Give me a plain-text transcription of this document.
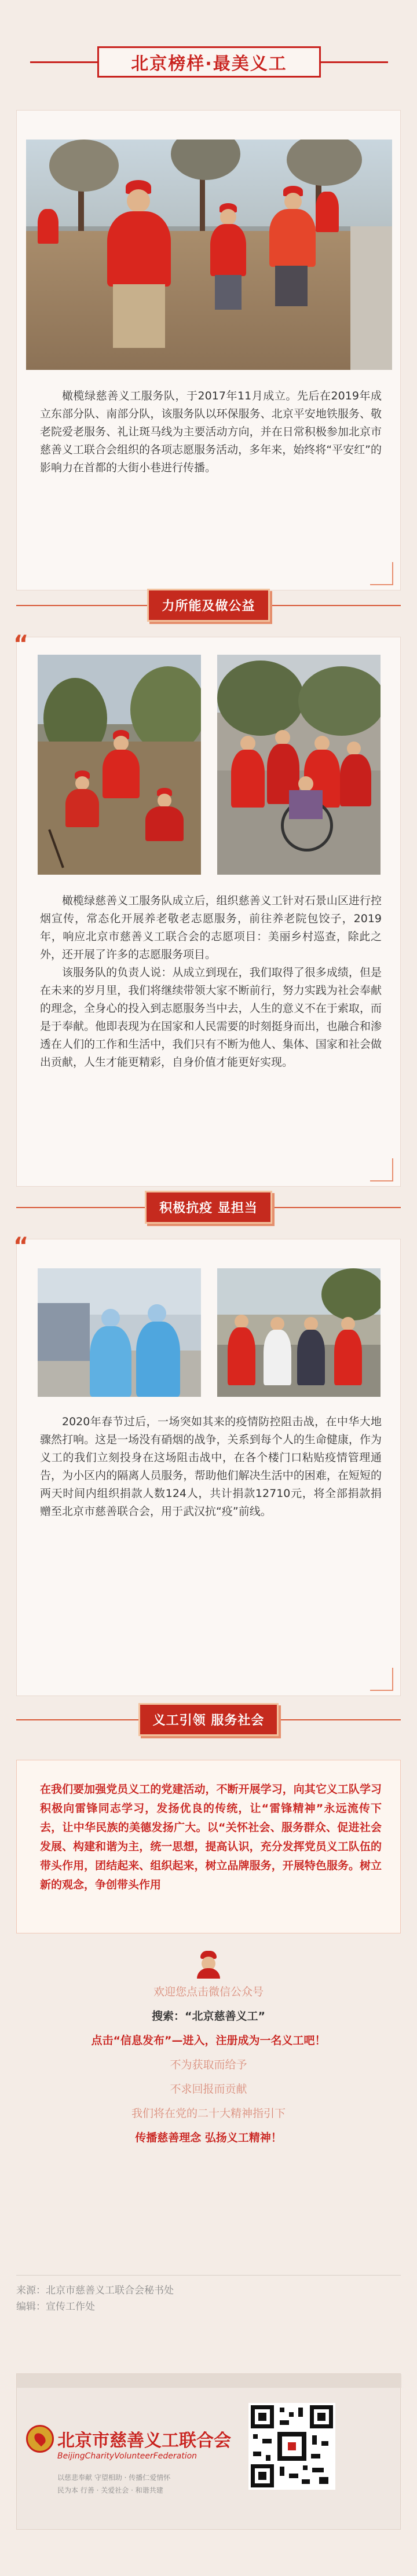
北京榜样·最美义工

橄榄绿慈善义工服务队，于2017年11月成立。先后在2019年成立东部分队、南部分队，该服务队以环保服务、北京平安地铁服务、敬老院爱老服务、礼让斑马线为主要活动方向，并在日常积极参加北京市慈善义工联合会组织的各项志愿服务活动，多年来，始终将“平安红”的影响力在首都的大街小巷进行传播。

力所能及做公益
“

橄榄绿慈善义工服务队成立后，组织慈善义工针对石景山区进行控烟宣传，常态化开展养老敬老志愿服务，前往养老院包饺子，2019年，响应北京市慈善义工联合会的志愿项目：美丽乡村巡查，除此之外，还开展了许多的志愿服务项目。

该服务队的负责人说：从成立到现在，我们取得了很多成绩，但是在未来的岁月里，我们将继续带领大家不断前行，努力实践为社会奉献的理念，全身心的投入到志愿服务当中去，人生的意义不在于索取，而是于奉献。他即表现为在国家和人民需要的时刻挺身而出，也融合和渗透在人们的工作和生活中，我们只有不断为他人、集体、国家和社会做出贡献，人生才能更精彩，自身价值才能更好实现。

积极抗疫 显担当
“

2020年春节过后，一场突如其来的疫情防控阻击战，在中华大地骤然打响。这是一场没有硝烟的战争，关系到每个人的生命健康，作为义工的我们立刻投身在这场阻击战中，在各个楼门口粘贴疫情管理通告，为小区内的隔离人员服务，帮助他们解决生活中的困难，在短短的两天时间内组织捐款人数124人，共计捐款12710元，将全部捐款捐赠至北京市慈善联合会，用于武汉抗“疫”前线。

义工引领 服务社会
在我们要加强党员义工的党建活动，不断开展学习，向其它义工队学习积极向雷锋同志学习，发扬优良的传统，让“雷锋精神”永远流传下去，让中华民族的美德发扬广大。以“关怀社会、服务群众、促进社会发展、构建和谐为主，统一思想，提高认识，充分发挥党员义工队伍的带头作用，团结起来、组织起来，树立品牌服务，开展特色服务。树立新的观念，争创带头作用
欢迎您点击微信公众号
搜索：“北京慈善义工”
点击“信息发布”—进入，注册成为一名义工吧！
不为获取而给予
不求回报而贡献
我们将在党的二十大精神指引下
传播慈善理念 弘扬义工精神！
来源：北京市慈善义工联合会秘书处
编辑：宣传工作处
北京市慈善义工联合会
BeijingCharityVolunteerFederation
以慈悲奉献 守望相助 · 传播仁爱情怀
民为本 行善 · 关爱社会 · 和谐共建
